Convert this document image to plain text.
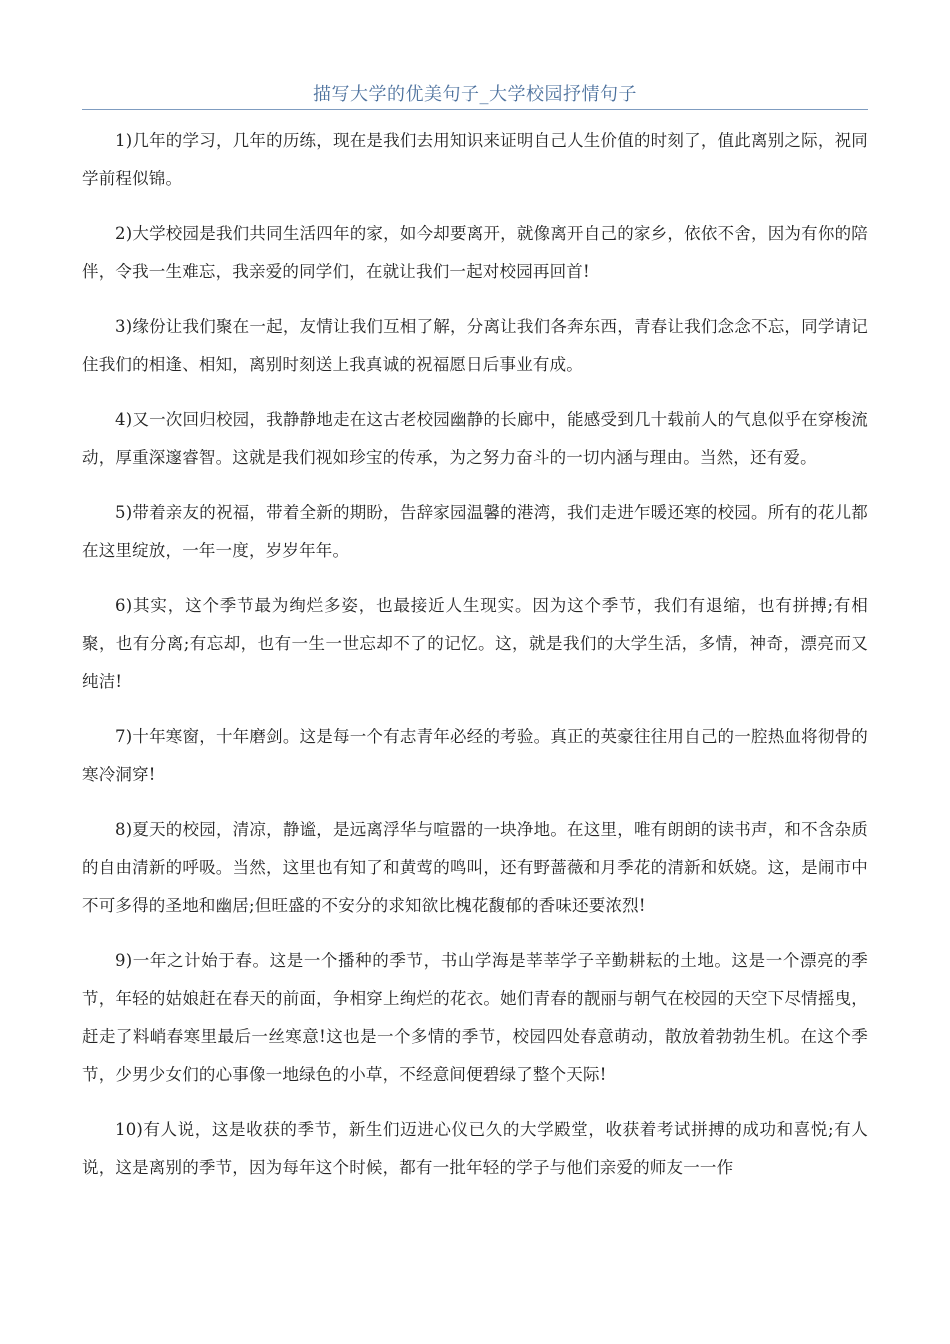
描写大学的优美句子_大学校园抒情句子

1)几年的学习，几年的历练，现在是我们去用知识来证明自己人生价值的时刻了，值此离别之际，祝同学前程似锦。

2)大学校园是我们共同生活四年的家，如今却要离开，就像离开自己的家乡，依依不舍，因为有你的陪伴，令我一生难忘，我亲爱的同学们，在就让我们一起对校园再回首!

3)缘份让我们聚在一起，友情让我们互相了解，分离让我们各奔东西，青春让我们念念不忘，同学请记住我们的相逢、相知，离别时刻送上我真诚的祝福愿日后事业有成。

4)又一次回归校园，我静静地走在这古老校园幽静的长廊中，能感受到几十载前人的气息似乎在穿梭流动，厚重深邃睿智。这就是我们视如珍宝的传承，为之努力奋斗的一切内涵与理由。当然，还有爱。

5)带着亲友的祝福，带着全新的期盼，告辞家园温馨的港湾，我们走进乍暖还寒的校园。所有的花儿都在这里绽放，一年一度，岁岁年年。

6)其实，这个季节最为绚烂多姿，也最接近人生现实。因为这个季节，我们有退缩，也有拼搏;有相聚，也有分离;有忘却，也有一生一世忘却不了的记忆。这，就是我们的大学生活，多情，神奇，漂亮而又纯洁!

7)十年寒窗，十年磨剑。这是每一个有志青年必经的考验。真正的英豪往往用自己的一腔热血将彻骨的寒冷洞穿!

8)夏天的校园，清凉，静谧，是远离浮华与喧嚣的一块净地。在这里，唯有朗朗的读书声，和不含杂质的自由清新的呼吸。当然，这里也有知了和黄莺的鸣叫，还有野蔷薇和月季花的清新和妖娆。这，是闹市中不可多得的圣地和幽居;但旺盛的不安分的求知欲比槐花馥郁的香味还要浓烈!

9)一年之计始于春。这是一个播种的季节，书山学海是莘莘学子辛勤耕耘的土地。这是一个漂亮的季节，年轻的姑娘赶在春天的前面，争相穿上绚烂的花衣。她们青春的靓丽与朝气在校园的天空下尽情摇曳，赶走了料峭春寒里最后一丝寒意!这也是一个多情的季节，校园四处春意萌动，散放着勃勃生机。在这个季节，少男少女们的心事像一地绿色的小草，不经意间便碧绿了整个天际!

10)有人说，这是收获的季节，新生们迈进心仪已久的大学殿堂，收获着考试拼搏的成功和喜悦;有人说，这是离别的季节，因为每年这个时候，都有一批年轻的学子与他们亲爱的师友一一作
